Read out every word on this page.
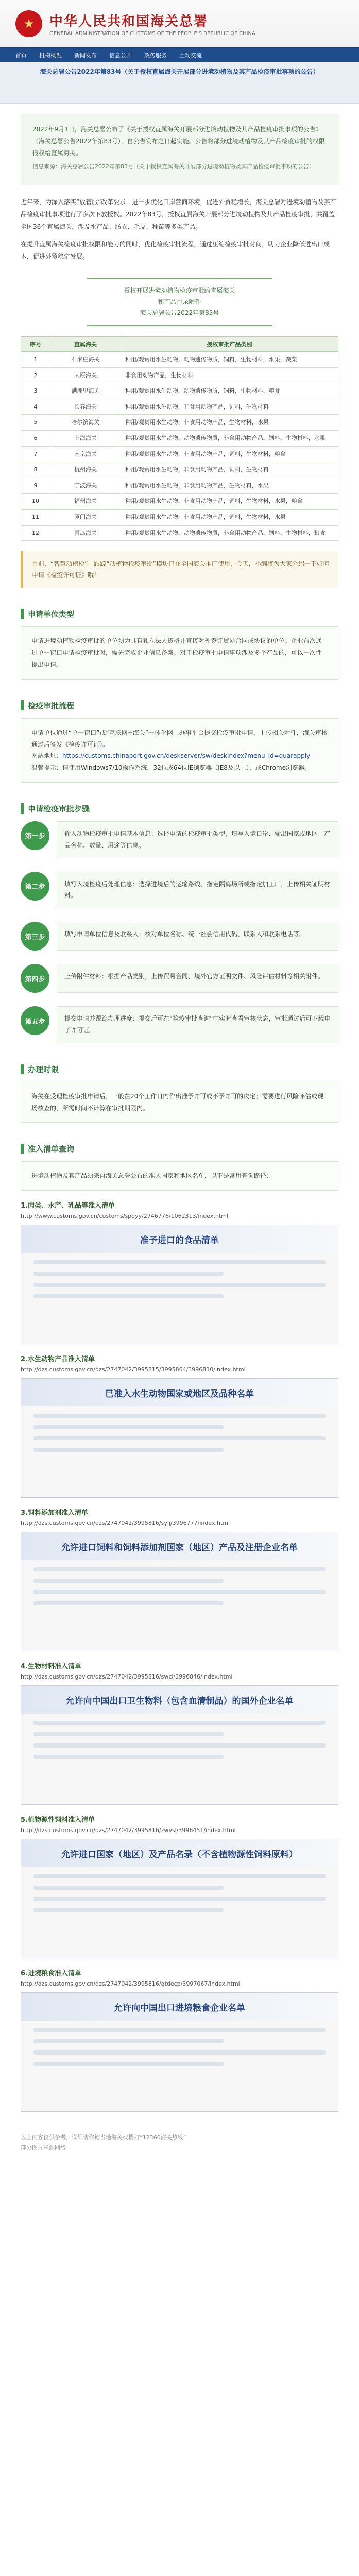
★	中华人民共和国海关总署
GENERAL ADMINISTRATION OF CUSTOMS OF THE PEOPLE'S REPUBLIC OF CHINA
首页 机构概况 新闻发布 信息公开 政务服务 互动交流
海关总署公告2022年第83号（关于授权直属海关开展部分进境动植物及其产品检疫审批事项的公告）

2022年9月1日，海关总署公布了《关于授权直属海关开展部分进境动植物及其产品检疫审批事项的公告》（海关总署公告2022年第83号），自公告发布之日起实施。公告将部分进境动植物及其产品检疫审批的权限授权给直属海关。

信息来源：海关总署公告2022年第83号（关于授权直属海关开展部分进境动植物及其产品检疫审批事项的公告）

近年来，为深入落实“放管服”改革要求，进一步优化口岸营商环境，促进外贸稳增长，海关总署对进境动植物及其产品检疫审批事项进行了多次下放授权。2022年83号，授权直属海关开展部分进境动植物及其产品检疫审批，共覆盖全国36个直属海关，涉及水产品、肠衣、毛皮、种苗等多类产品。
在提升直属海关检疫审批权限和能力的同时，优化检疫审批流程，通过压缩检疫审批时间，助力企业降低进出口成本，促进外贸稳定发展。
授权开展进境动植物检疫审批的直属海关
和产品目录附件
海关总署公告2022年第83号
序号	直属海关	授权审批产品类别
1	石家庄海关	种用/观赏用水生动物，动物遗传物质，饲料，生物材料，水果，蔬菜
2	太原海关	非食用动物产品，生物材料
3	满洲里海关	种用/观赏用水生动物，动物遗传物质，饲料，生物材料，粮食
4	长春海关	种用/观赏用水生动物，非食用动物产品，饲料，生物材料
5	哈尔滨海关	种用/观赏用水生动物，非食用动物产品，生物材料，水果
6	上海海关	种用/观赏用水生动物，动物遗传物质，非食用动物产品，饲料，生物材料，水果
7	南京海关	种用/观赏用水生动物，非食用动物产品，饲料，生物材料，粮食
8	杭州海关	种用/观赏用水生动物，非食用动物产品，饲料，生物材料
9	宁波海关	种用/观赏用水生动物，非食用动物产品，生物材料，水果
10	福州海关	种用/观赏用水生动物，非食用动物产品，饲料，生物材料，水果，粮食
11	厦门海关	种用/观赏用水生动物，非食用动物产品，饲料，生物材料，水果
12	青岛海关	种用/观赏用水生动物，动物遗传物质，非食用动物产品，饲料，生物材料，粮食
目前，“智慧动植检”—跟踪“动植物检疫审批”模块已在全国海关推广使用，今天，小编将为大家介绍一下如何申请《检疫许可证》哦！
申请单位类型
申请进境动植物检疫审批的单位须为具有独立法人资格并直接对外签订贸易合同或协议的单位。企业首次通过单一窗口申请检疫审批时，需先完成企业信息备案。对于检疫审批申请事项涉及多个产品的，可以一次性提出申请。
检疫审批流程
申请单位通过“单一窗口”或“互联网+海关”一体化网上办事平台提交检疫审批申请，上传相关附件，海关审核通过后签发《检疫许可证》。
网站地址：https://customs.chinaport.gov.cn/deskserver/sw/deskIndex?menu_id=quarapply
温馨提示：请使用Windows7/10操作系统，32位或64位IE浏览器（IE8及以上），或Chrome浏览器。
申请检疫审批步骤
第一步	输入动物检疫审批申请基本信息：选择申请的检疫审批类型，填写入境口岸、输出国家或地区、产品名称、数量、用途等信息。
第二步	填写入境检疫后处理信息：选择进境后的运输路线、指定隔离场所或指定加工厂，上传相关证明材料。
第三步	填写申请单位信息及联系人：核对单位名称、统一社会信用代码、联系人和联系电话等。
第四步	上传附件材料：根据产品类别，上传贸易合同、境外官方证明文件、风险评估材料等相关附件。
第五步	提交申请并跟踪办理进度：提交后可在“检疫审批查询”中实时查看审核状态，审批通过后可下载电子许可证。
办理时限
海关在受理检疫审批申请后，一般在20个工作日内作出准予许可或不予许可的决定；需要进行风险评估或现场核查的，所需时间不计算在审批期限内。
准入清单查询
进境动植物及其产品须来自海关总署公布的准入国家和地区名单，以下是常用查询路径：
1.肉类、水产、乳品等准入清单
http://www.customs.gov.cn/customs/spqyy/2746776/1062313/index.html
准予进口的食品清单
2.水生动物产品准入清单
http://dzs.customs.gov.cn/dzs/2747042/3995815/3995864/3996810/index.html
已准入水生动物国家或地区及品种名单
3.饲料添加剂准入清单
http://dzs.customs.gov.cn/dzs/2747042/3995816/sylj/3996777/index.html
允许进口饲料和饲料添加剂国家（地区）产品及注册企业名单
4.生物材料准入清单
http://dzs.customs.gov.cn/dzs/2747042/3995816/swcl/3996846/index.html
允许向中国出口卫生物料（包含血清制品）的国外企业名单
5.植物源性饲料准入清单
http://dzs.customs.gov.cn/dzs/2747042/3995816/zwysl/3996451/index.html
允许进口国家（地区）及产品名录（不含植物源性饲料原料）
6.进境粮食准入清单
http://dzs.customs.gov.cn/dzs/2747042/3995816/qtdecp/3997067/index.html
允许向中国出口进境粮食企业名单
以上内容仅供参考，详细请咨询当地海关或拨打“12360海关热线”
部分图片来源网络
